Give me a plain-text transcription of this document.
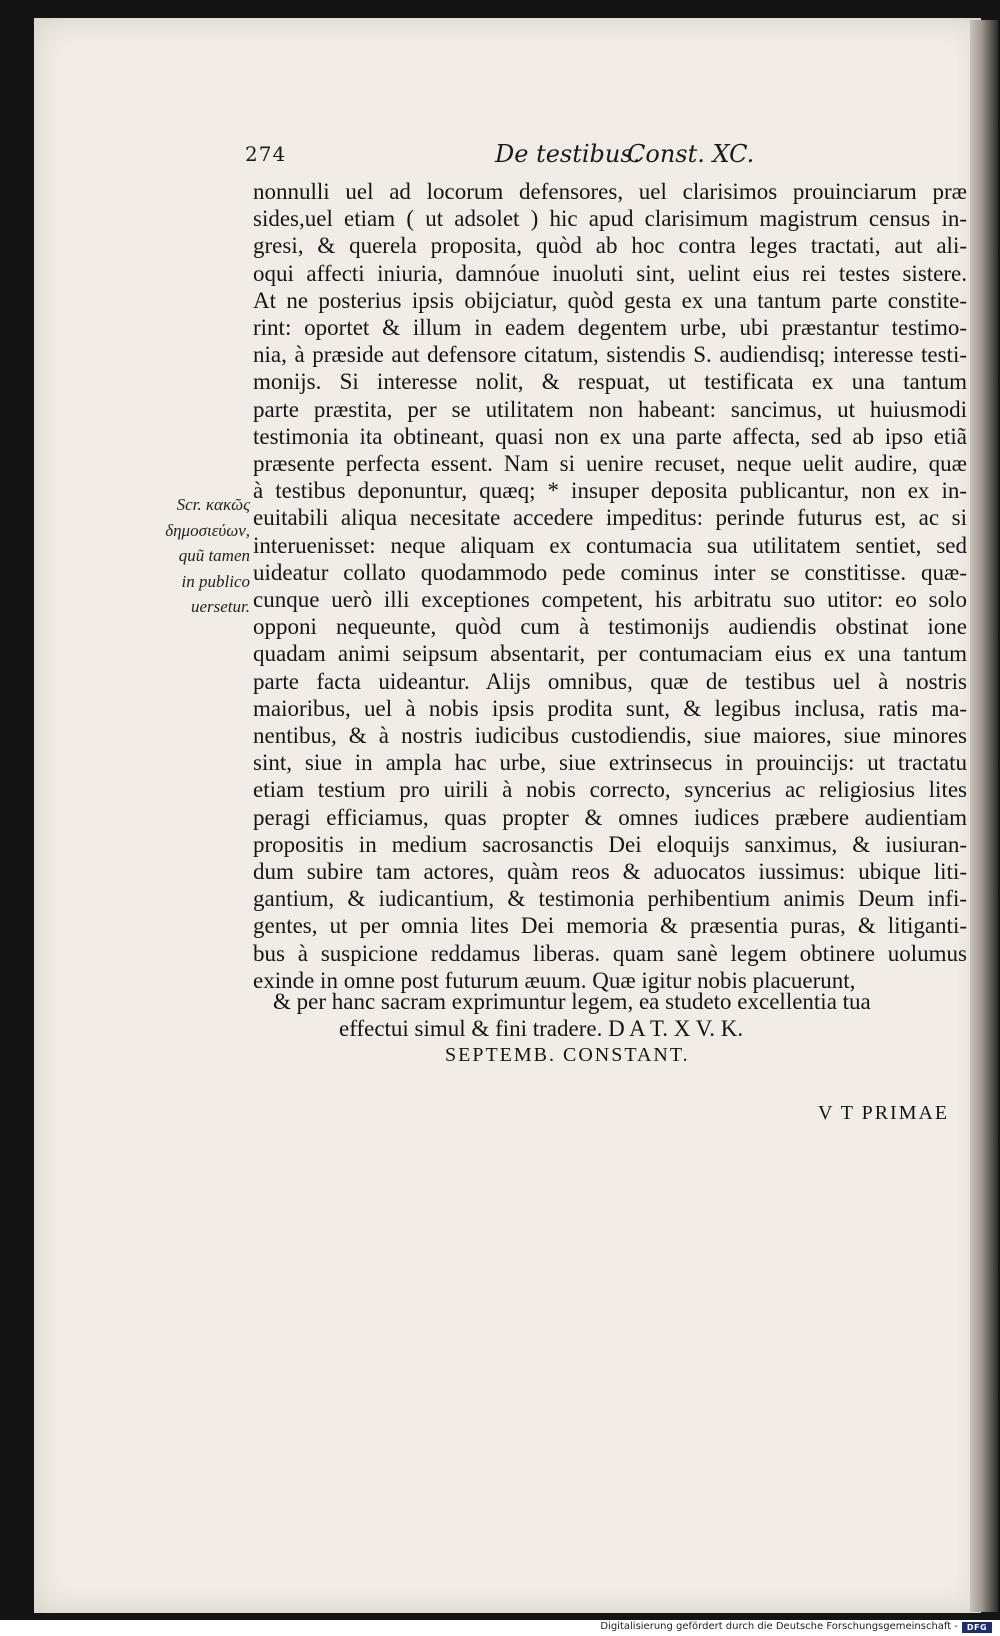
274	De testibus.
Const. XC.
Scr. κακῶς
δημοσιεύων,
quũ tamen
in publico
uersetur.
nonnulli uel ad locorum defensores, uel clarisimos prouinciarum præ
sides,uel etiam ( ut adsolet ) hic apud clarisimum magistrum census in-
gresi, & querela proposita, quòd ab hoc contra leges tractati, aut ali-
oqui affecti iniuria, damnóue inuoluti sint, uelint eius rei testes sistere.
At ne posterius ipsis obijciatur, quòd gesta ex una tantum parte constite-
rint: oportet & illum in eadem degentem urbe, ubi præstantur testimo-
nia, à præside aut defensore citatum, sistendis S. audiendisq; interesse testi-
monijs. Si interesse nolit, & respuat, ut testificata ex una tantum
parte præstita, per se utilitatem non habeant: sancimus, ut huiusmodi
testimonia ita obtineant, quasi non ex una parte affecta, sed ab ipso etiã
præsente perfecta essent. Nam si uenire recuset, neque uelit audire, quæ
à testibus deponuntur, quæq; * insuper deposita publicantur, non ex in-
euitabili aliqua necesitate accedere impeditus: perinde futurus est, ac si
interuenisset: neque aliquam ex contumacia sua utilitatem sentiet, sed
uideatur collato quodammodo pede cominus inter se constitisse. quæ-
cunque uerò illi exceptiones competent, his arbitratu suo utitor: eo solo
opponi nequeunte, quòd cum à testimonijs audiendis obstinat ione
quadam animi seipsum absentarit, per contumaciam eius ex una tantum
parte facta uideantur. Alijs omnibus, quæ de testibus uel à nostris
maioribus, uel à nobis ipsis prodita sunt, & legibus inclusa, ratis ma-
nentibus, & à nostris iudicibus custodiendis, siue maiores, siue minores
sint, siue in ampla hac urbe, siue extrinsecus in prouincijs: ut tractatu
etiam testium pro uirili à nobis correcto, syncerius ac religiosius lites
peragi efficiamus, quas propter & omnes iudices præbere audientiam
propositis in medium sacrosanctis Dei eloquijs sanximus, & iusiuran-
dum subire tam actores, quàm reos & aduocatos iussimus: ubique liti-
gantium, & iudicantium, & testimonia perhibentium animis Deum infi-
gentes, ut per omnia lites Dei memoria & præsentia puras, & litiganti-
bus à suspicione reddamus liberas. quam sanè legem obtinere uolumus
exinde in omne post futurum æuum. Quæ igitur nobis placuerunt,
& per hanc sacram exprimuntur legem, ea studeto excellentia tua
effectui simul & fini tradere. D A T. X V. K.
SEPTEMB. CONSTANT.
V T PRIMAE
Digitalisierung gefördert durch die Deutsche Forschungsgemeinschaft -	DFG
